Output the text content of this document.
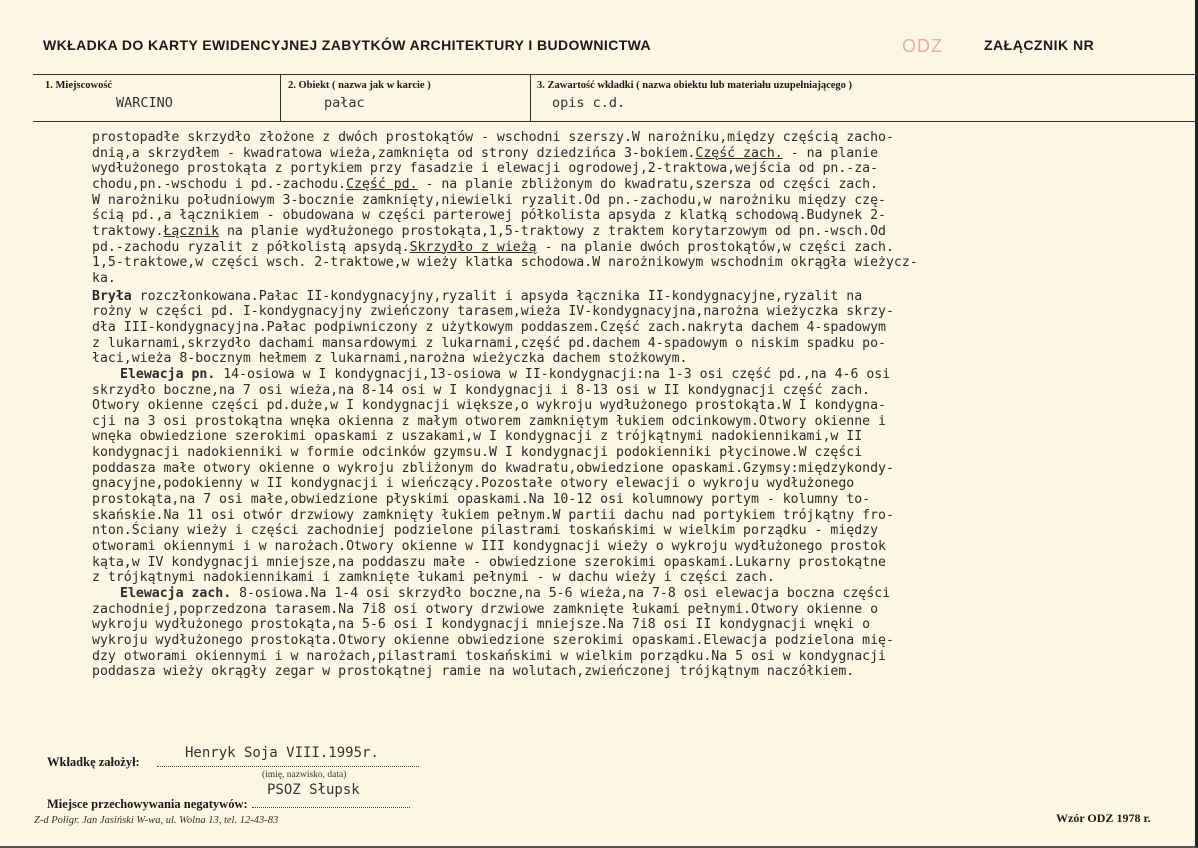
WKŁADKA DO KARTY EWIDENCYJNEJ ZABYTKÓW ARCHITEKTURY I BUDOWNICTWA	ODZ	ZAŁĄCZNIK NR
1. Miejscowość
WARCINO
2. Obiekt ( nazwa jak w karcie )
pałac
3. Zawartość wkładki ( nazwa obiektu lub materiału uzupełniającego )
opis c.d.

prostopadłe skrzydło złożone z dwóch prostokątów - wschodni szerszy.W narożniku,między częścią zacho-

dnią,a skrzydłem - kwadratowa wieża,zamknięta od strony dziedzińca 3-bokiem.Część zach. - na planie

wydłużonego prostokąta z portykiem przy fasadzie i elewacji ogrodowej,2-traktowa,wejścia od pn.-za-

chodu,pn.-wschodu i pd.-zachodu.Część pd. - na planie zbliżonym do kwadratu,szersza od części zach.

W narożniku południowym 3-bocznie zamknięty,niewielki ryzalit.Od pn.-zachodu,w narożniku między czę-

ścią pd.,a łącznikiem - obudowana w części parterowej półkolista apsyda z klatką schodową.Budynek 2-

traktowy.Łącznik na planie wydłużonego prostokąta,1,5-traktowy z traktem korytarzowym od pn.-wsch.Od

pd.-zachodu ryzalit z półkolistą apsydą.Skrzydło z wieżą - na planie dwóch prostokątów,w części zach.

1,5-traktowe,w części wsch. 2-traktowe,w wieży klatka schodowa.W narożnikowym wschodnim okrągła wieżycz-

ka.

Bryła rozczłonkowana.Pałac II-kondygnacyjny,ryzalit i apsyda łącznika II-kondygnacyjne,ryzalit na

rożny w części pd. I-kondygnacyjny zwieńczony tarasem,wieża IV-kondygnacyjna,narożna wieżyczka skrzy-

dła III-kondygnacyjna.Pałac podpiwniczony z użytkowym poddaszem.Część zach.nakryta dachem 4-spadowym

z lukarnami,skrzydło dachami mansardowymi z lukarnami,część pd.dachem 4-spadowym o niskim spadku po-

łaci,wieża 8-bocznym hełmem z lukarnami,narożna wieżyczka dachem stożkowym.

Elewacja pn. 14-osiowa w I kondygnacji,13-osiowa w II-kondygnacji:na 1-3 osi część pd.,na 4-6 osi

skrzydło boczne,na 7 osi wieża,na 8-14 osi w I kondygnacji i 8-13 osi w II kondygnacji część zach.

Otwory okienne części pd.duże,w I kondygnacji większe,o wykroju wydłużonego prostokąta.W I kondygna-

cji na 3 osi prostokątna wnęka okienna z małym otworem zamkniętym łukiem odcinkowym.Otwory okienne i

wnęka obwiedzione szerokimi opaskami z uszakami,w I kondygnacji z trójkątnymi nadokiennikami,w II

kondygnacji nadokienniki w formie odcinków gzymsu.W I kondygnacji podokienniki płycinowe.W części

poddasza małe otwory okienne o wykroju zbliżonym do kwadratu,obwiedzione opaskami.Gzymsy:międzykondy-

gnacyjne,podokienny w II kondygnacji i wieńczący.Pozostałe otwory elewacji o wykroju wydłużonego

prostokąta,na 7 osi małe,obwiedzione płyskimi opaskami.Na 10-12 osi kolumnowy portym - kolumny to-

skańskie.Na 11 osi otwór drzwiowy zamknięty łukiem pełnym.W partii dachu nad portykiem trójkątny fro-

nton.Ściany wieży i części zachodniej podzielone pilastrami toskańskimi w wielkim porządku - między

otworami okiennymi i w narożach.Otwory okienne w III kondygnacji wieży o wykroju wydłużonego prostok

kąta,w IV kondygnacji mniejsze,na poddaszu małe - obwiedzione szerokimi opaskami.Lukarny prostokątne

z trójkątnymi nadokiennikami i zamknięte łukami pełnymi - w dachu wieży i części zach.

Elewacja zach. 8-osiowa.Na 1-4 osi skrzydło boczne,na 5-6 wieża,na 7-8 osi elewacja boczna części

zachodniej,poprzedzona tarasem.Na 7i8 osi otwory drzwiowe zamknięte łukami pełnymi.Otwory okienne o

wykroju wydłużonego prostokąta,na 5-6 osi I kondygnacji mniejsze.Na 7i8 osi II kondygnacji wnęki o

wykroju wydłużonego prostokąta.Otwory okienne obwiedzione szerokimi opaskami.Elewacja podzielona mię-

dzy otworami okiennymi i w narożach,pilastrami toskańskimi w wielkim porządku.Na 5 osi w kondygnacji

poddasza wieży okrągły zegar w prostokątnej ramie na wolutach,zwieńczonej trójkątnym naczółkiem.

Wkładkę założył:
Henryk Soja VIII.1995r.
(imię, nazwisko, data)
Miejsce przechowywania negatywów:
PSOZ Słupsk
Z-d Poligr. Jan Jasiński W-wa, ul. Wolna 13, tel. 12-43-83	Wzór ODZ 1978 r.
